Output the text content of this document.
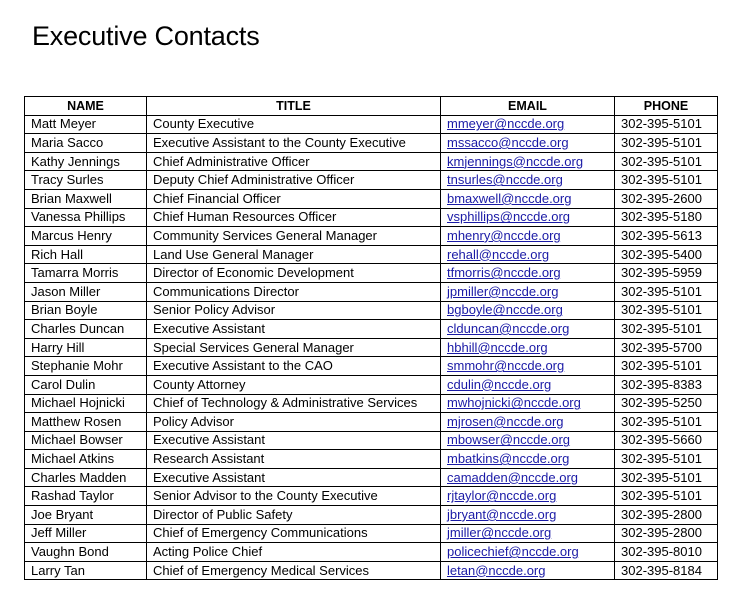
Executive Contacts
NAME	TITLE	EMAIL	PHONE
Matt Meyer	County Executive	mmeyer@nccde.org	302-395-5101
Maria Sacco	Executive Assistant to the County Executive	mssacco@nccde.org	302-395-5101
Kathy Jennings	Chief Administrative Officer	kmjennings@nccde.org	302-395-5101
Tracy Surles	Deputy Chief Administrative Officer	tnsurles@nccde.org	302-395-5101
Brian Maxwell	Chief Financial Officer	bmaxwell@nccde.org	302-395-2600
Vanessa Phillips	Chief Human Resources Officer	vsphillips@nccde.org	302-395-5180
Marcus Henry	Community Services General Manager	mhenry@nccde.org	302-395-5613
Rich Hall	Land Use General Manager	rehall@nccde.org	302-395-5400
Tamarra Morris	Director of Economic Development	tfmorris@nccde.org	302-395-5959
Jason Miller	Communications Director	jpmiller@nccde.org	302-395-5101
Brian Boyle	Senior Policy Advisor	bgboyle@nccde.org	302-395-5101
Charles Duncan	Executive Assistant	clduncan@nccde.org	302-395-5101
Harry Hill	Special Services General Manager	hbhill@nccde.org	302-395-5700
Stephanie Mohr	Executive Assistant to the CAO	smmohr@nccde.org	302-395-5101
Carol Dulin	County Attorney	cdulin@nccde.org	302-395-8383
Michael Hojnicki	Chief of Technology & Administrative Services	mwhojnicki@nccde.org	302-395-5250
Matthew Rosen	Policy Advisor	mjrosen@nccde.org	302-395-5101
Michael Bowser	Executive Assistant	mbowser@nccde.org	302-395-5660
Michael Atkins	Research Assistant	mbatkins@nccde.org	302-395-5101
Charles Madden	Executive Assistant	camadden@nccde.org	302-395-5101
Rashad Taylor	Senior Advisor to the County Executive	rjtaylor@nccde.org	302-395-5101
Joe Bryant	Director of Public Safety	jbryant@nccde.org	302-395-2800
Jeff Miller	Chief of Emergency Communications	jmiller@nccde.org	302-395-2800
Vaughn Bond	Acting Police Chief	policechief@nccde.org	302-395-8010
Larry Tan	Chief of Emergency Medical Services	letan@nccde.org	302-395-8184
